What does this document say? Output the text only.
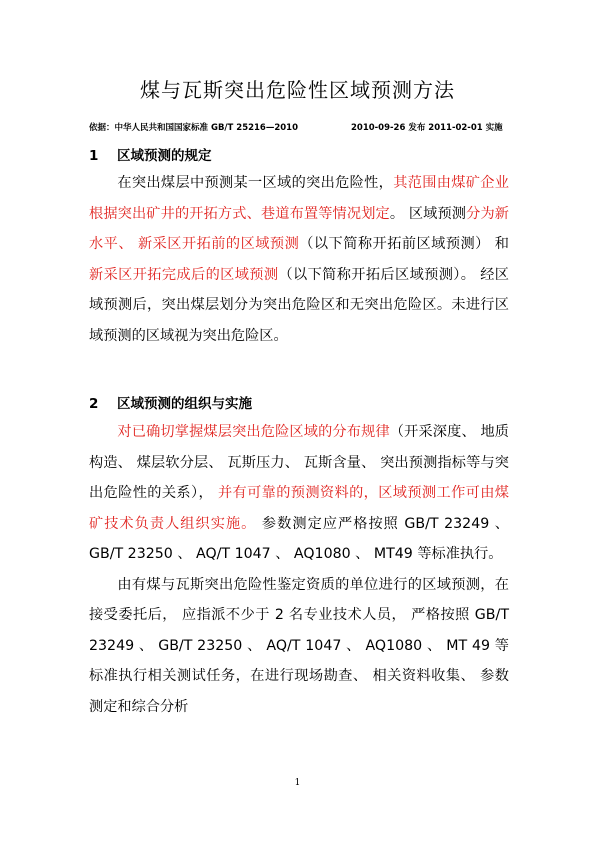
煤与瓦斯突出危险性区域预测方法
依据：中华人民共和国国家标准 GB/T 25216—2010	2010-09-26 发布 2011-02-01 实施
1 区域预测的规定

在突出煤层中预测某一区域的突出危险性，其范围由煤矿企业根据突出矿井的开拓方式、巷道布置等情况划定。 区域预测分为新水平、 新采区开拓前的区域预测（以下简称开拓前区域预测） 和新采区开拓完成后的区域预测（以下简称开拓后区域预测）。 经区域预测后，突出煤层划分为突出危险区和无突出危险区。未进行区域预测的区域视为突出危险区。

2 区域预测的组织与实施

对已确切掌握煤层突出危险区域的分布规律（开采深度、 地质构造、 煤层软分层、 瓦斯压力、 瓦斯含量、 突出预测指标等与突出危险性的关系）， 并有可靠的预测资料的，区域预测工作可由煤矿技术负责人组织实施。 参数测定应严格按照 GB/T 23249 、 GB/T 23250 、 AQ/T 1047 、 AQ1080 、 MT49 等标准执行。

由有煤与瓦斯突出危险性鉴定资质的单位进行的区域预测，在接受委托后， 应指派不少于 2 名专业技术人员， 严格按照 GB/T 23249 、 GB/T 23250 、 AQ/T 1047 、 AQ1080 、 MT 49 等标准执行相关测试任务，在进行现场勘查、 相关资料收集、 参数测定和综合分析

1
